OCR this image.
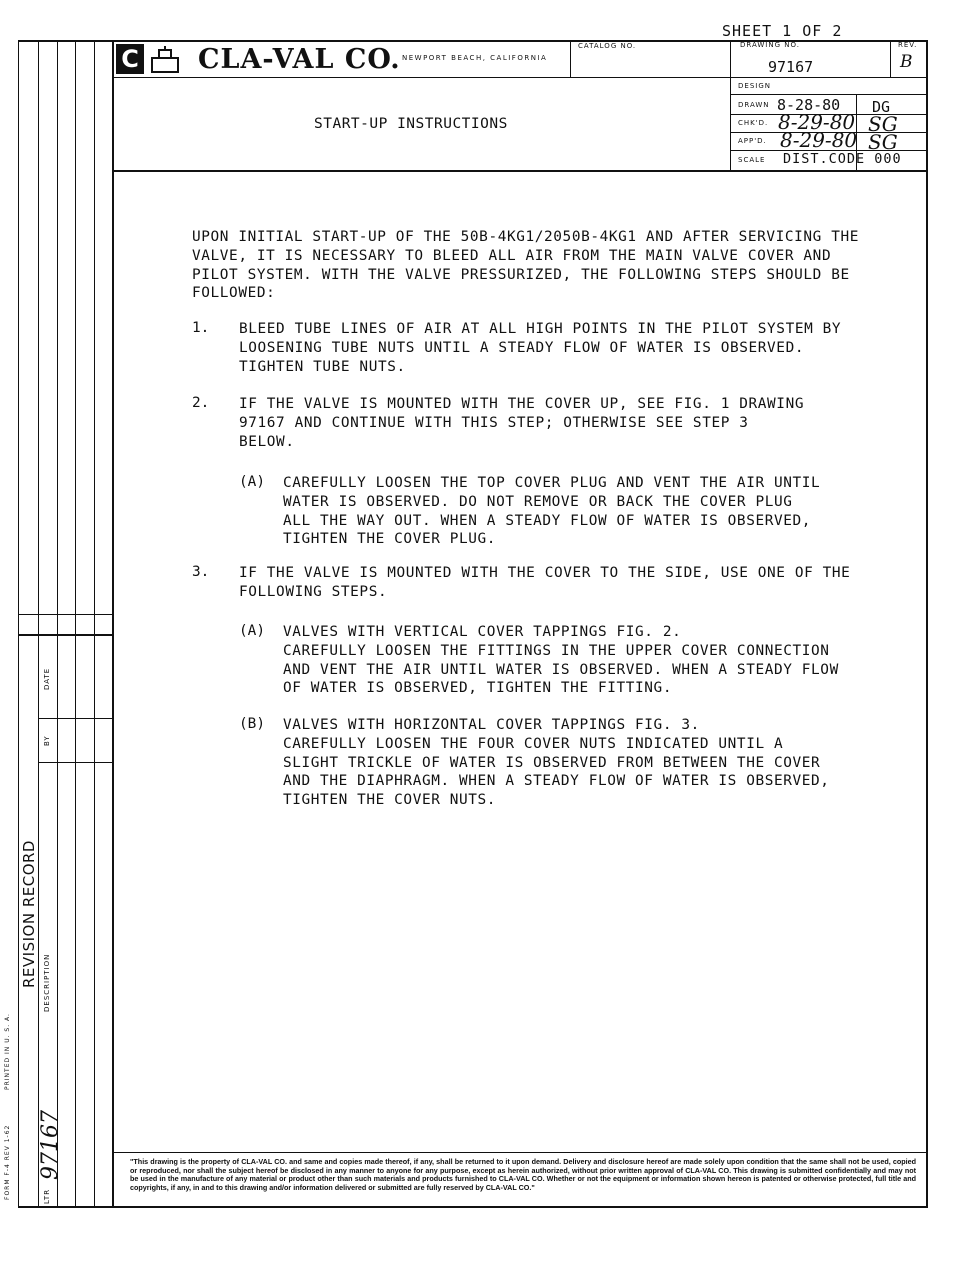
SHEET 1 OF 2
C CLA-VAL CO. NEWPORT BEACH, CALIFORNIA
CATALOG NO.	DRAWING NO.
97167
REV.
B
START-UP INSTRUCTIONS
DESIGN
DRAWN 8-28-80 DG
CHK'D. 8-29-80 SG
APP'D. 8-29-80 SG
SCALE DIST.CODE 000
UPON INITIAL START-UP OF THE 50B-4KG1/2050B-4KG1 AND AFTER SERVICING THE
VALVE, IT IS NECESSARY TO BLEED ALL AIR FROM THE MAIN VALVE COVER AND
PILOT SYSTEM. WITH THE VALVE PRESSURIZED, THE FOLLOWING STEPS SHOULD BE
FOLLOWED:
1. BLEED TUBE LINES OF AIR AT ALL HIGH POINTS IN THE PILOT SYSTEM BY
LOOSENING TUBE NUTS UNTIL A STEADY FLOW OF WATER IS OBSERVED.
TIGHTEN TUBE NUTS.
2. IF THE VALVE IS MOUNTED WITH THE COVER UP, SEE FIG. 1 DRAWING
97167 AND CONTINUE WITH THIS STEP; OTHERWISE SEE STEP 3
BELOW.
(A) CAREFULLY LOOSEN THE TOP COVER PLUG AND VENT THE AIR UNTIL
WATER IS OBSERVED. DO NOT REMOVE OR BACK THE COVER PLUG
ALL THE WAY OUT. WHEN A STEADY FLOW OF WATER IS OBSERVED,
TIGHTEN THE COVER PLUG.
3. IF THE VALVE IS MOUNTED WITH THE COVER TO THE SIDE, USE ONE OF THE
FOLLOWING STEPS.
(A) VALVES WITH VERTICAL COVER TAPPINGS FIG. 2.
CAREFULLY LOOSEN THE FITTINGS IN THE UPPER COVER CONNECTION
AND VENT THE AIR UNTIL WATER IS OBSERVED. WHEN A STEADY FLOW
OF WATER IS OBSERVED, TIGHTEN THE FITTING.
(B) VALVES WITH HORIZONTAL COVER TAPPINGS FIG. 3.
CAREFULLY LOOSEN THE FOUR COVER NUTS INDICATED UNTIL A
SLIGHT TRICKLE OF WATER IS OBSERVED FROM BETWEEN THE COVER
AND THE DIAPHRAGM. WHEN A STEADY FLOW OF WATER IS OBSERVED,
TIGHTEN THE COVER NUTS.
REVISION RECORD
DATE
BY
DESCRIPTION
LTR
97167
PRINTED IN U. S. A.
FORM F-4 REV 1-62	"This drawing is the property of CLA-VAL CO. and same and copies made thereof, if any, shall be returned to it upon demand. Delivery and disclosure hereof are made solely upon condition that the same shall not be used, copied or reproduced, nor shall the subject hereof be disclosed in any manner to anyone for any purpose, except as herein authorized, without prior written approval of CLA-VAL CO. This drawing is submitted confidentially and may not be used in the manufacture of any material or product other than such materials and products furnished to CLA-VAL CO. Whether or not the equipment or information shown hereon is patented or otherwise protected, full title and copyrights, if any, in and to this drawing and/or information delivered or submitted are fully reserved by CLA-VAL CO."
